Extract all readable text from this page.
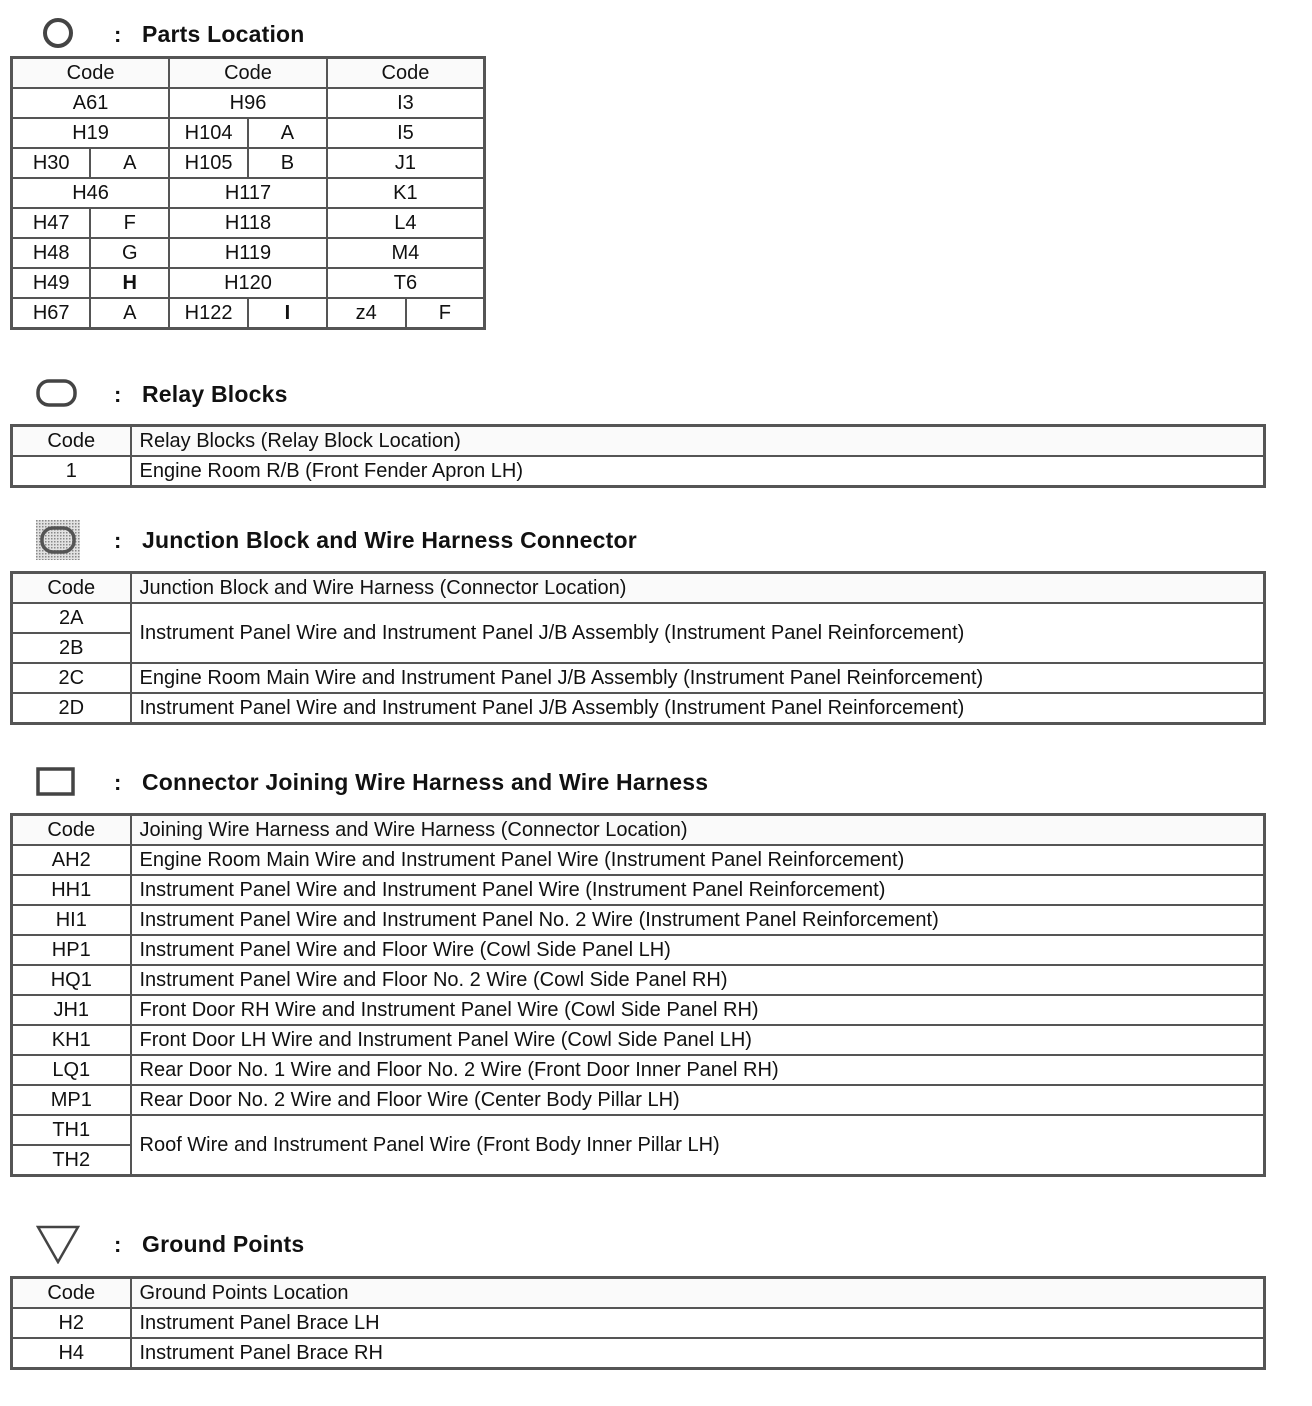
: Parts Location
Code		Code		Code	
A61		H96		I3	
H19		H104	A	I5	
H30	A	H105	B	J1	
H46		H117		K1	
H47	F	H118		L4	
H48	G	H119		M4	
H49	H	H120		T6	
H67	A	H122	I	z4	F
: Relay Blocks
Code	Relay Blocks (Relay Block Location)
1	Engine Room R/B (Front Fender Apron LH)
: Junction Block and Wire Harness Connector
Code	Junction Block and Wire Harness (Connector Location)
2A	Instrument Panel Wire and Instrument Panel J/B Assembly (Instrument Panel Reinforcement)
2B	
2C	Engine Room Main Wire and Instrument Panel J/B Assembly (Instrument Panel Reinforcement)
2D	Instrument Panel Wire and Instrument Panel J/B Assembly (Instrument Panel Reinforcement)
: Connector Joining Wire Harness and Wire Harness
Code	Joining Wire Harness and Wire Harness (Connector Location)
AH2	Engine Room Main Wire and Instrument Panel Wire (Instrument Panel Reinforcement)
HH1	Instrument Panel Wire and Instrument Panel Wire (Instrument Panel Reinforcement)
HI1	Instrument Panel Wire and Instrument Panel No. 2 Wire (Instrument Panel Reinforcement)
HP1	Instrument Panel Wire and Floor Wire (Cowl Side Panel LH)
HQ1	Instrument Panel Wire and Floor No. 2 Wire (Cowl Side Panel RH)
JH1	Front Door RH Wire and Instrument Panel Wire (Cowl Side Panel RH)
KH1	Front Door LH Wire and Instrument Panel Wire (Cowl Side Panel LH)
LQ1	Rear Door No. 1 Wire and Floor No. 2 Wire (Front Door Inner Panel RH)
MP1	Rear Door No. 2 Wire and Floor Wire (Center Body Pillar LH)
TH1	Roof Wire and Instrument Panel Wire (Front Body Inner Pillar LH)
TH2	
: Ground Points
Code	Ground Points Location
H2	Instrument Panel Brace LH
H4	Instrument Panel Brace RH
